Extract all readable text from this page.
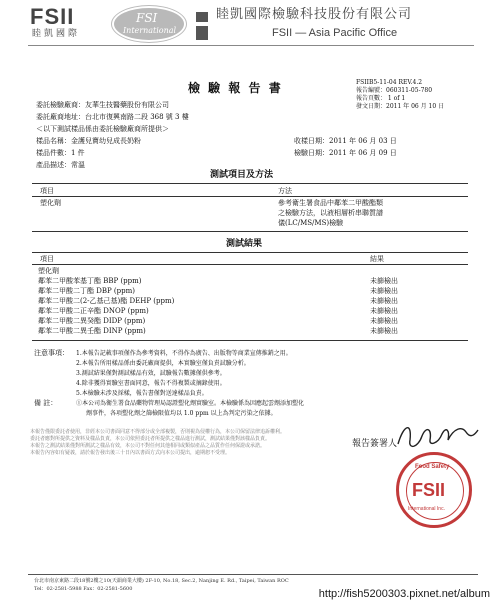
FSII
睦凱國際
FSI
International
睦凱國際檢驗科技股份有限公司
FSII — Asia Pacific Office
檢 驗 報 告 書	FSIIB5-11-04 REV.4.2
報告編號：060311-05-780
報告頁數： 1 of 1
發文日期：2011 年 06 月 10 日
委託檢驗廠商：友華生技醫藥股份有限公司
委託廠商地址：台北市復興南路二段 368 號 3 樓
＜以下測試樣品係由委託檢驗廠商所提供＞
樣品名稱：金護兒寶幼兒成長奶粉	收樣日期：2011 年 06 月 03 日
樣品件數：1 件	檢驗日期：2011 年 06 月 09 日
產品描述：常溫
測試項目及方法
項目	方法
塑化劑	參考衛生署食品中鄰苯二甲酸酯類
之檢驗方法，以液相層析串聯質譜
儀(LC/MS/MS)檢驗
測試結果
項目	結果
塑化劑
鄰苯二甲酸苯基丁酯 BBP (ppm)	未篩檢出
鄰苯二甲酸二丁酯 DBP (ppm)	未篩檢出
鄰苯二甲酸二(2-乙基己基)酯 DEHP (ppm)	未篩檢出
鄰苯二甲酸二正辛酯 DNOP (ppm)	未篩檢出
鄰苯二甲酸二異癸酯 DIDP (ppm)	未篩檢出
鄰苯二甲酸二異壬酯 DINP (ppm)	未篩檢出
注意事項： 1.本報告記載事項僅作為參考資料，不得作為廣告、出版物等商業宣傳推銷之用。
2.本報告所用樣品係由委託廠商提供，本實驗室僅負責試驗分析。
3.測試結果僅對測試樣品有效，試驗報告數據僅供參考。
4.除非獲得實驗室書面同意，報告不得複製或摘錄使用。
5.本檢驗未涉及採樣，報告書僅對送達樣品負責。
備 註：	①本公司為衛生署食品藥物管理局認證塑化劑實驗室。本檢驗係為因應起雲劑添加塑化
劑事件，各項塑化劑之篩檢限值均以 1.0 ppm 以上為判定污染之依據。
本報告僅限委託者使用，非經本公司書面同意不得部分或全部複製，否則視為侵權行為，本公司保留法律追訴權利。
委託者應對所提供之資料及樣品負責，本公司依照委託者所提供之樣品進行測試，測試結果僅對該樣品負責。
本報告之測試結果僅對所測試之樣品有效，本公司不對任何其他相同或類似產品之品質作任何保證或承諾。
本報告內容如有疑義，請於報告發出後三十日內以書面方式向本公司提出，逾期恕不受理。
報告簽署人
Food Safety
FSII
International Inc.
台北市南京東路二段18號2樓之10(天韻商業大樓) 2F-10, No.18, Sec.2, Nanjing E. Rd., Taipei, Taiwan ROC
Tel：02-2581-5988 Fax：02-2581-5600	http://fish5200303.pixnet.net/album
